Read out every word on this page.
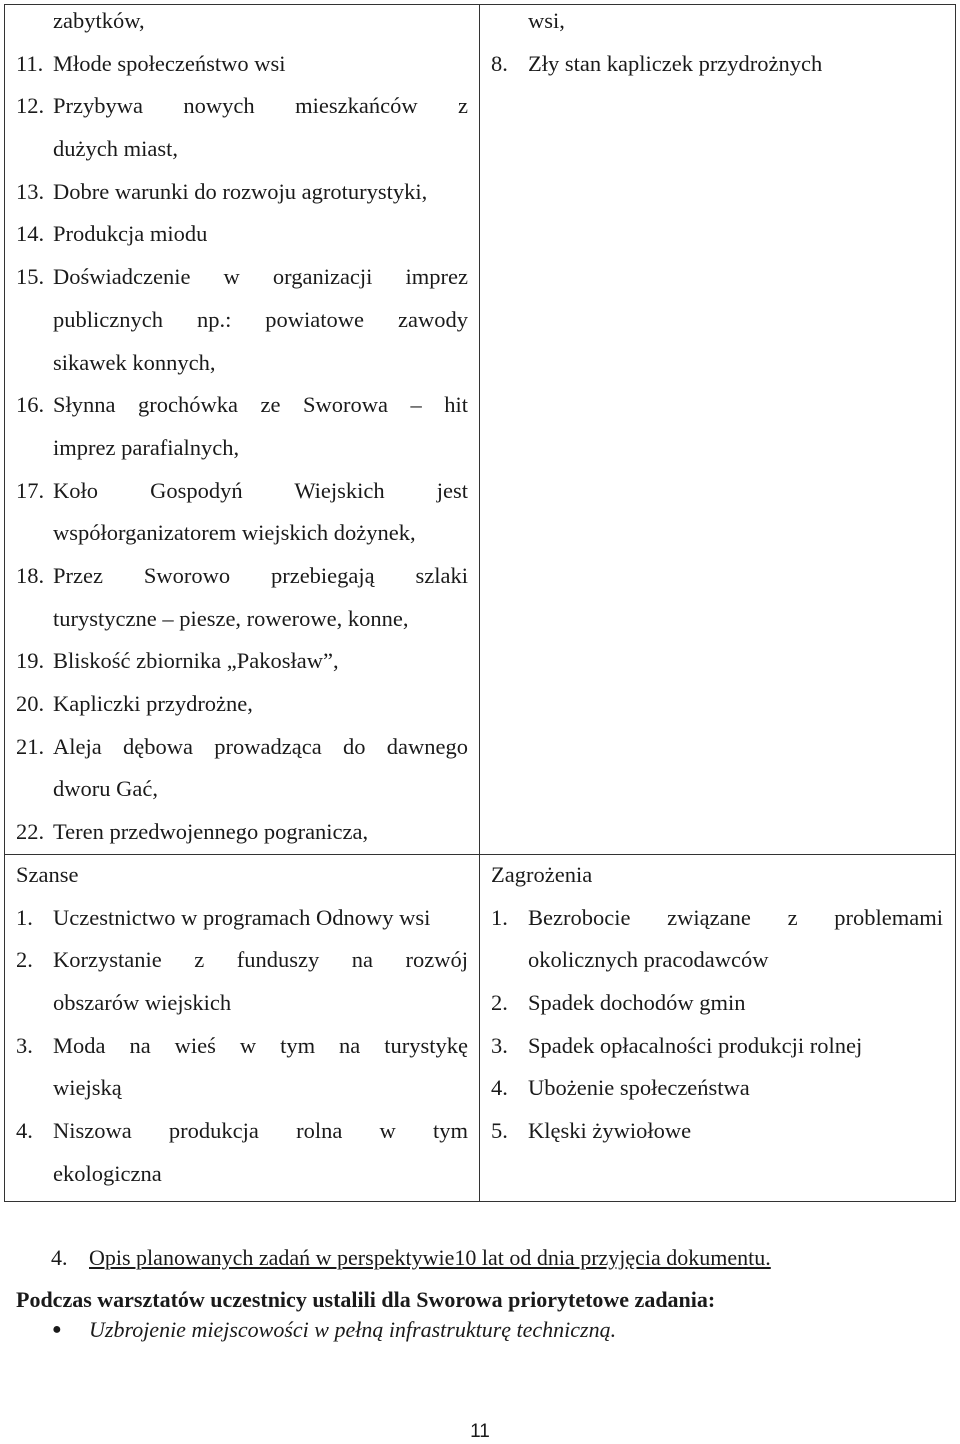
zabytków,
11. Młode społeczeństwo wsi
12. Przybywa nowych mieszkańców z
dużych miast,
13. Dobre warunki do rozwoju agroturystyki,
14. Produkcja miodu
15. Doświadczenie w organizacji imprez
publicznych np.: powiatowe zawody
sikawek konnych,
16. Słynna grochówka ze Sworowa – hit
imprez parafialnych,
17. Koło Gospodyń Wiejskich jest
współorganizatorem wiejskich dożynek,
18. Przez Sworowo przebiegają szlaki
turystyczne – piesze, rowerowe, konne,
19. Bliskość zbiornika „Pakosław”,
20. Kapliczki przydrożne,
21. Aleja dębowa prowadząca do dawnego
dworu Gać,
22. Teren przedwojennego pogranicza,
wsi,
8. Zły stan kapliczek przydrożnych
Szanse
1. Uczestnictwo w programach Odnowy wsi
2. Korzystanie z funduszy na rozwój
obszarów wiejskich
3. Moda na wieś w tym na turystykę
wiejską
4. Niszowa produkcja rolna w tym
ekologiczna
Zagrożenia
1. Bezrobocie związane z problemami
okolicznych pracodawców
2. Spadek dochodów gmin
3. Spadek opłacalności produkcji rolnej
4. Ubożenie społeczeństwa
5. Klęski żywiołowe
4. Opis planowanych zadań w perspektywie10 lat od dnia przyjęcia dokumentu.
Podczas warsztatów uczestnicy ustalili dla Sworowa priorytetowe zadania:
● Uzbrojenie miejscowości w pełną infrastrukturę techniczną.
11
